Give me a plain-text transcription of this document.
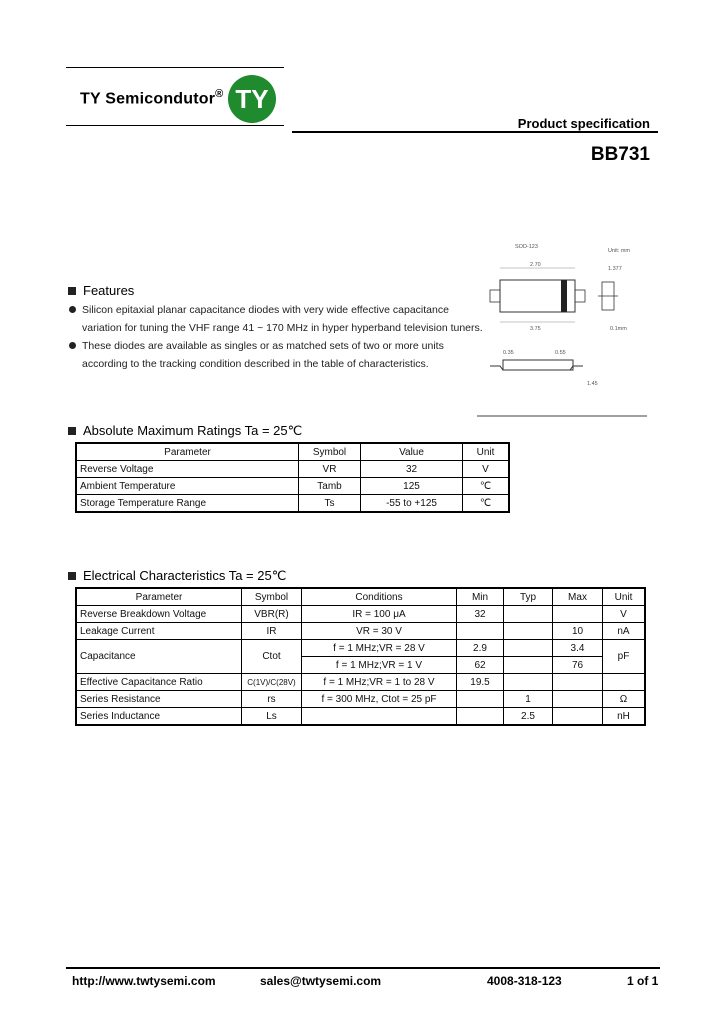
TY Semicondutor® TY
Product specification
BB731
SOD-123
Unit: mm
2.70
3.75
1.377
0.1mm
0.35	0.55
1.45
Features
Silicon epitaxial planar capacitance diodes with very wide effective capacitance
variation for tuning the VHF range 41 ~ 170 MHz in hyper hyperband television tuners.
These diodes are available as singles or as matched sets of two or more units
according to the tracking condition described in the table of characteristics.
Absolute Maximum Ratings Ta = 25℃
Parameter	Symbol	Value	Unit
Reverse Voltage	VR	32	V
Ambient Temperature	Tamb	125	℃
Storage Temperature Range	Ts	-55 to +125	℃
Electrical Characteristics Ta = 25℃
Parameter	Symbol	Conditions	Min	Typ	Max	Unit
Reverse Breakdown Voltage	VBR(R)	IR = 100 μA	32			V
Leakage Current	IR	VR = 30 V			10	nA
Capacitance	Ctot	f = 1 MHz;VR = 28 V	2.9		3.4	pF
		f = 1 MHz;VR = 1 V	62		76	
Effective Capacitance Ratio	C(1V)/C(28V)	f = 1 MHz;VR = 1 to 28 V	19.5			
Series Resistance	rs	f = 300 MHz, Ctot = 25 pF		1		Ω
Series Inductance	Ls			2.5		nH
http://www.twtysemi.com	sales@twtysemi.com	4008-318-123	1 of 1
